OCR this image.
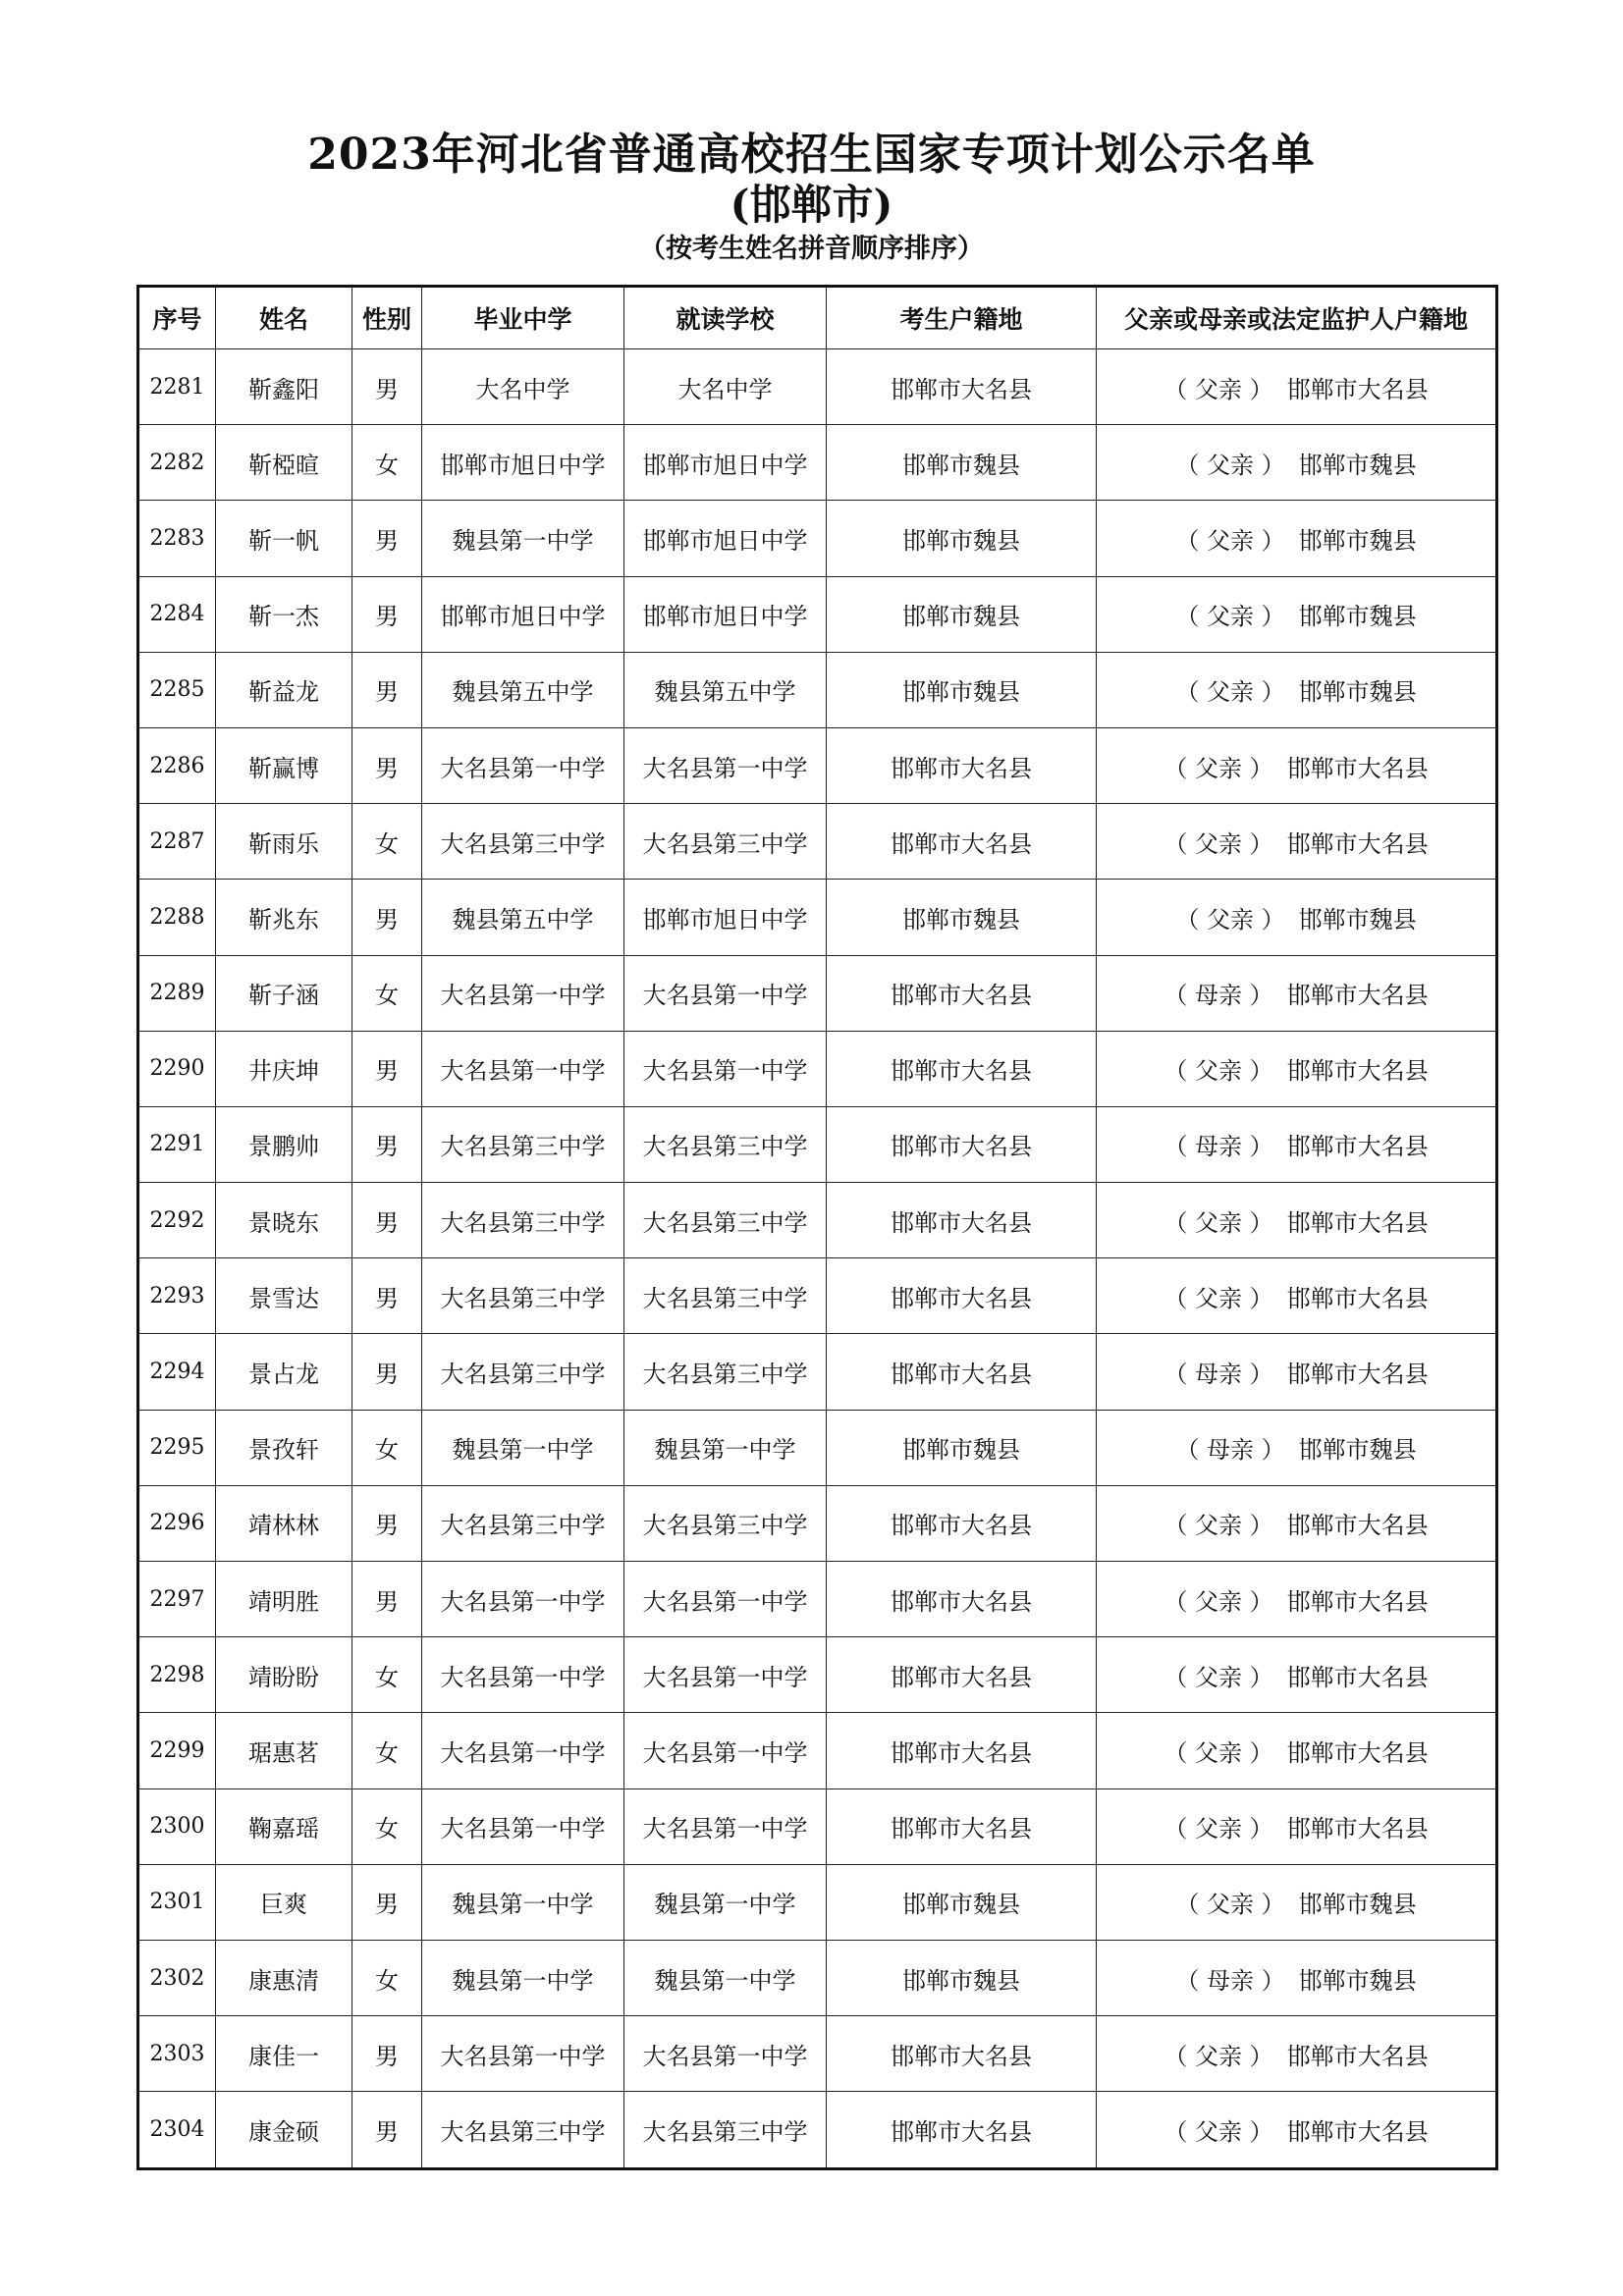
2023年河北省普通高校招生国家专项计划公示名单
(邯郸市)
（按考生姓名拼音顺序排序）
序号	姓名	性别	毕业中学	就读学校	考生户籍地	父亲或母亲或法定监护人户籍地
2281	靳鑫阳	男	大名中学	大名中学	邯郸市大名县	（ 父亲 ） 邯郸市大名县
2282	靳椏暄	女	邯郸市旭日中学	邯郸市旭日中学	邯郸市魏县	（ 父亲 ） 邯郸市魏县
2283	靳一帆	男	魏县第一中学	邯郸市旭日中学	邯郸市魏县	（ 父亲 ） 邯郸市魏县
2284	靳一杰	男	邯郸市旭日中学	邯郸市旭日中学	邯郸市魏县	（ 父亲 ） 邯郸市魏县
2285	靳益龙	男	魏县第五中学	魏县第五中学	邯郸市魏县	（ 父亲 ） 邯郸市魏县
2286	靳赢博	男	大名县第一中学	大名县第一中学	邯郸市大名县	（ 父亲 ） 邯郸市大名县
2287	靳雨乐	女	大名县第三中学	大名县第三中学	邯郸市大名县	（ 父亲 ） 邯郸市大名县
2288	靳兆东	男	魏县第五中学	邯郸市旭日中学	邯郸市魏县	（ 父亲 ） 邯郸市魏县
2289	靳子涵	女	大名县第一中学	大名县第一中学	邯郸市大名县	（ 母亲 ） 邯郸市大名县
2290	井庆坤	男	大名县第一中学	大名县第一中学	邯郸市大名县	（ 父亲 ） 邯郸市大名县
2291	景鹏帅	男	大名县第三中学	大名县第三中学	邯郸市大名县	（ 母亲 ） 邯郸市大名县
2292	景晓东	男	大名县第三中学	大名县第三中学	邯郸市大名县	（ 父亲 ） 邯郸市大名县
2293	景雪达	男	大名县第三中学	大名县第三中学	邯郸市大名县	（ 父亲 ） 邯郸市大名县
2294	景占龙	男	大名县第三中学	大名县第三中学	邯郸市大名县	（ 母亲 ） 邯郸市大名县
2295	景孜轩	女	魏县第一中学	魏县第一中学	邯郸市魏县	（ 母亲 ） 邯郸市魏县
2296	靖林林	男	大名县第三中学	大名县第三中学	邯郸市大名县	（ 父亲 ） 邯郸市大名县
2297	靖明胜	男	大名县第一中学	大名县第一中学	邯郸市大名县	（ 父亲 ） 邯郸市大名县
2298	靖盼盼	女	大名县第一中学	大名县第一中学	邯郸市大名县	（ 父亲 ） 邯郸市大名县
2299	琚惠茗	女	大名县第一中学	大名县第一中学	邯郸市大名县	（ 父亲 ） 邯郸市大名县
2300	鞠嘉瑶	女	大名县第一中学	大名县第一中学	邯郸市大名县	（ 父亲 ） 邯郸市大名县
2301	巨爽	男	魏县第一中学	魏县第一中学	邯郸市魏县	（ 父亲 ） 邯郸市魏县
2302	康惠清	女	魏县第一中学	魏县第一中学	邯郸市魏县	（ 母亲 ） 邯郸市魏县
2303	康佳一	男	大名县第一中学	大名县第一中学	邯郸市大名县	（ 父亲 ） 邯郸市大名县
2304	康金硕	男	大名县第三中学	大名县第三中学	邯郸市大名县	（ 父亲 ） 邯郸市大名县
